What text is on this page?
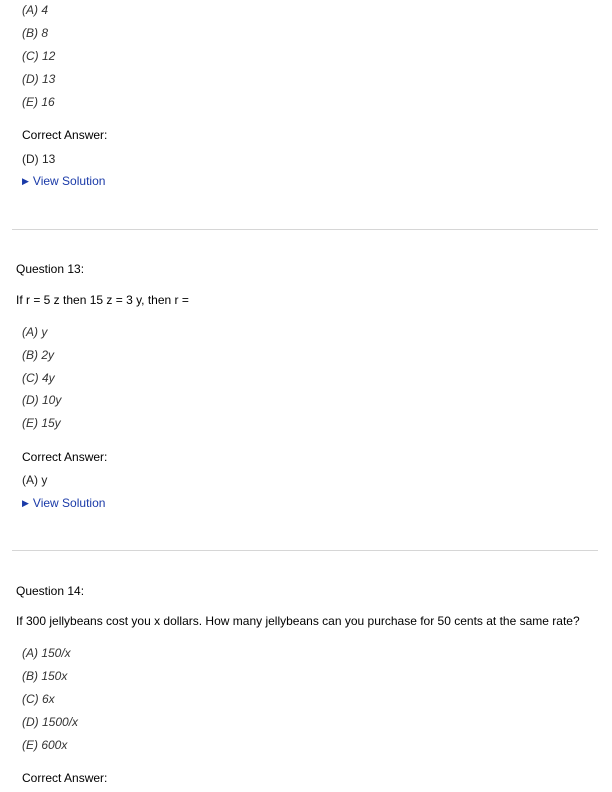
(A) 4
(B) 8
(C) 12
(D) 13
(E) 16
Correct Answer:
(D) 13
▶ View Solution
Question 13:
If r = 5 z then 15 z = 3 y, then r =
(A) y
(B) 2y
(C) 4y
(D) 10y
(E) 15y
Correct Answer:
(A) y
▶ View Solution
Question 14:
If 300 jellybeans cost you x dollars. How many jellybeans can you purchase for 50 cents at the same rate?
(A) 150/x
(B) 150x
(C) 6x
(D) 1500/x
(E) 600x
Correct Answer:
